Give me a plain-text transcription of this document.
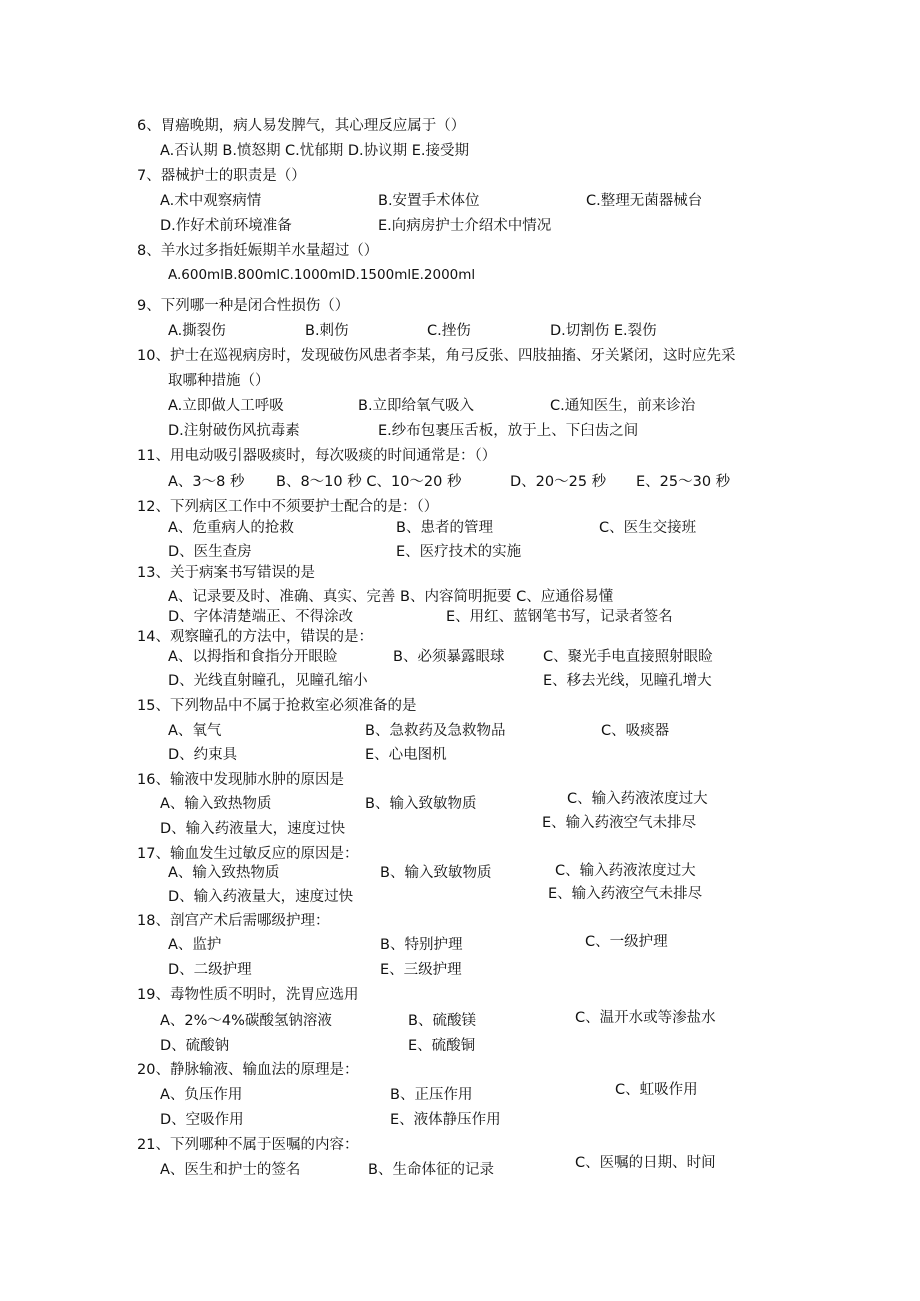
6、胃癌晚期，病人易发脾气，其心理反应属于（）
A.否认期 B.愤怒期 C.忧郁期 D.协议期 E.接受期
7、器械护士的职责是（）
A.术中观察病情	B.安置手术体位	C.整理无菌器械台
D.作好术前环境准备	E.向病房护士介绍术中情况
8、羊水过多指妊娠期羊水量超过（）
A.600mlB.800mlC.1000mlD.1500mlE.2000ml
9、下列哪一种是闭合性损伤（）
A.撕裂伤	B.刺伤	C.挫伤	D.切割伤 E.裂伤
10、护士在巡视病房时，发现破伤风患者李某，角弓反张、四肢抽搐、牙关紧闭，这时应先采
取哪种措施（）
A.立即做人工呼吸	B.立即给氧气吸入	C.通知医生，前来诊治
D.注射破伤风抗毒素	E.纱布包裹压舌板，放于上、下臼齿之间
11、用电动吸引器吸痰时，每次吸痰的时间通常是：（）
A、3～8 秒 B、8～10 秒 C、10～20 秒	D、20～25 秒 E、25～30 秒
12、下列病区工作中不须要护士配合的是：（）
A、危重病人的抢救	B、患者的管理	C、医生交接班
D、医生查房	E、医疗技术的实施
13、关于病案书写错误的是
A、记录要及时、准确、真实、完善 B、内容简明扼要 C、应通俗易懂
D、字体清楚端正、不得涂改	E、用红、蓝钢笔书写，记录者签名
14、观察瞳孔的方法中，错误的是：
A、以拇指和食指分开眼睑	B、必须暴露眼球	C、聚光手电直接照射眼睑
D、光线直射瞳孔，见瞳孔缩小	E、移去光线，见瞳孔增大
15、下列物品中不属于抢救室必须准备的是
A、氧气	B、急救药及急救物品	C、吸痰器
D、约束具	E、心电图机
16、输液中发现肺水肿的原因是
A、输入致热物质	B、输入致敏物质	C、输入药液浓度过大
D、输入药液量大，速度过快	E、输入药液空气未排尽
17、输血发生过敏反应的原因是：
A、输入致热物质	B、输入致敏物质	C、输入药液浓度过大
D、输入药液量大，速度过快	E、输入药液空气未排尽
18、剖宫产术后需哪级护理：
A、监护	B、特别护理	C、一级护理
D、二级护理	E、三级护理
19、毒物性质不明时，洗胃应选用
A、2%～4%碳酸氢钠溶液	B、硫酸镁	C、温开水或等渗盐水
D、硫酸钠	E、硫酸铜
20、静脉输液、输血法的原理是：
A、负压作用	B、正压作用	C、虹吸作用
D、空吸作用	E、液体静压作用
21、下列哪种不属于医嘱的内容：
A、医生和护士的签名	B、生命体征的记录	C、医嘱的日期、时间
